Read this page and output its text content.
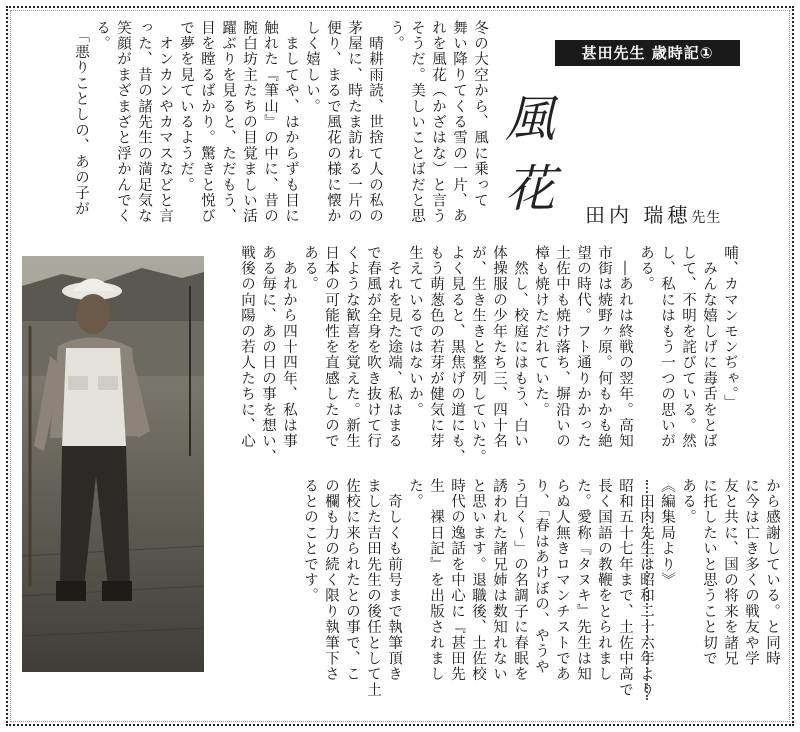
甚田先生 歳時記①
風花
田内 瑞穂先生
冬の大空から、風に乗って
舞い降りてくる雪の一片、あ
れを風花（かざはな）と言う
そうだ。美しいことばだと思
う。
　晴耕雨読、世捨て人の私の
茅屋に、時たま訪れる一片の
便り、まるで風花の様に懐か
しく嬉しい。
　ましてや、はからずも目に
触れた『筆山』の中に、昔の
腕白坊主たちの目覚ましい活
躍ぶりを見ると、ただもう、
目を瞠るばかり。驚きと悦び
で夢を見ているようだ。
　オンカンやカマスなどと言
った、昔の諸先生の満足気な
笑顔がまざまざと浮かんでく
る。
　「悪りことしの、あの子が
哺、カマンモンぢゃ。」
　みんな嬉しげに毒舌をとば
して、不明を詫びている。然
し、私にはもう一つの思いが
ある。
　―あれは終戦の翌年。高知
市街は焼野ヶ原。何もかも絶
望の時代。フト通りかかった
土佐中も焼け落ち、塀沿いの
樟も焼けただれていた。
　然し、校庭にはもう、白い
体操服の少年たち三、四十名
が、生き生きと整列していた。
よく見ると、黒焦げの道にも、
もう萌葱色の若芽が健気に芽
生えているではないか。
　それを見た途端、私はまる
で春風が全身を吹き抜けて行
くような歓喜を覚えた。新生
日本の可能性を直感したので
ある。
　あれから四十四年、私は事
ある毎に、あの日の事を想い、
戦後の向陽の若人たちに、心
から感謝している。と同時
に今は亡き多くの戦友や学
友と共に、国の将来を諸兄
に托したいと思うこと切で
ある。
《編集局より》
　田内先生は昭和二十六年より
昭和五十七年まで、土佐中高で
長く国語の教鞭をとられまし
た。愛称『タヌキ』先生は知
らぬ人無きロマンチストであ
り、「春はあけぼの、やうや
う白く～」の名調子に春眠を
誘われた諸兄姉は数知れない
と思います。退職後、土佐校
時代の逸話を中心に『甚田先
生　裸日記』を出版されまし
た。
　奇しくも前号まで執筆頂き
ました吉田先生の後任として土
佐校に来られたとの事で、こ
の欄も力の続く限り執筆下さ
るとのことです。
